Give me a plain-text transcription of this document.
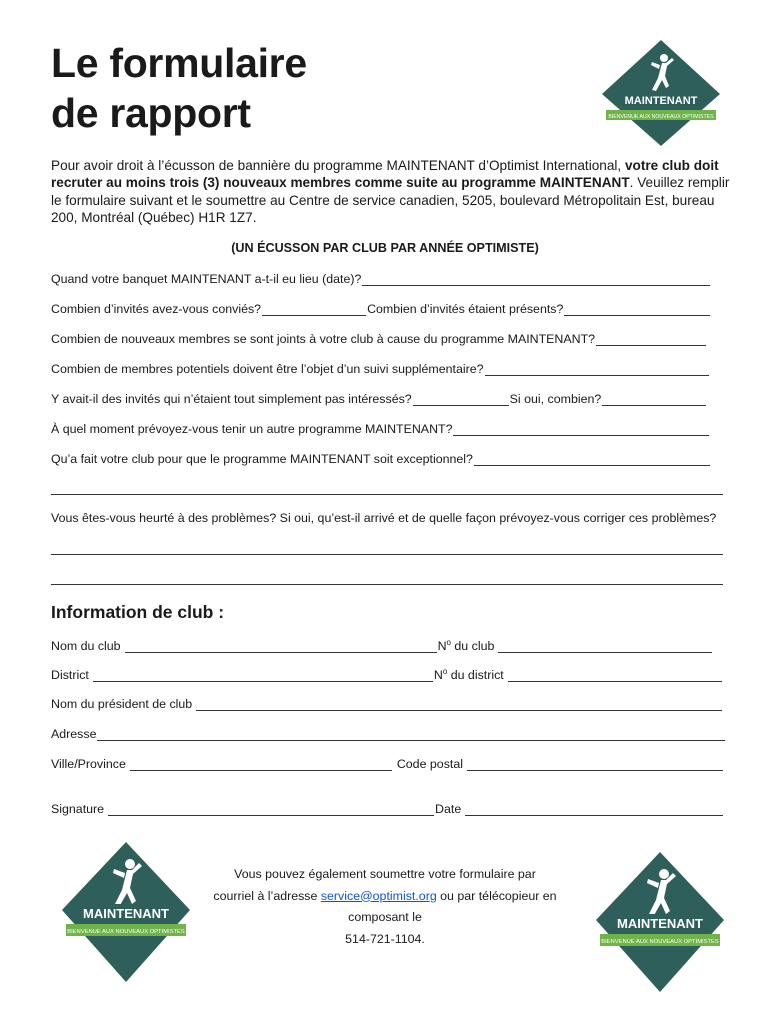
Le formulaire
de rapport	MAINTENANT
BIENVENUE AUX NOUVEAUX OPTIMISTES
Pour avoir droit à l’écusson de bannière du programme MAINTENANT d’Optimist International, votre club doit recruter au moins trois (3) nouveaux membres comme suite au programme MAINTENANT. Veuillez remplir le formulaire suivant et le soumettre au Centre de service canadien, 5205, boulevard Métropolitain Est, bureau 200, Montréal (Québec) H1R 1Z7.
(UN ÉCUSSON PAR CLUB PAR ANNÉE OPTIMISTE)
Quand votre banquet MAINTENANT a-t-il eu lieu (date)?
Combien d’invités avez-vous conviés?	Combien d’invités étaient présents?
Combien de nouveaux membres se sont joints à votre club à cause du programme MAINTENANT?
Combien de membres potentiels doivent être l’objet d’un suivi supplémentaire?
Y avait-il des invités qui n’étaient tout simplement pas intéressés?	Si oui, combien?
À quel moment prévoyez-vous tenir un autre programme MAINTENANT?
Qu’a fait votre club pour que le programme MAINTENANT soit exceptionnel?
Vous êtes-vous heurté à des problèmes? Si oui, qu’est-il arrivé et de quelle façon prévoyez-vous corriger ces problèmes?
Information de club :
Nom du club	$N^o$ du club
District	$N^o$ du district
Nom du président de club
Adresse
Ville/Province	Code postal
Signature	Date
MAINTENANT
BIENVENUE AUX NOUVEAUX OPTIMISTES
Vous pouvez également soumettre votre formulaire par
courriel à l’adresse service@optimist.org ou par télécopieur en
composant le
514-721-1104.
MAINTENANT
BIENVENUE AUX NOUVEAUX OPTIMISTES
